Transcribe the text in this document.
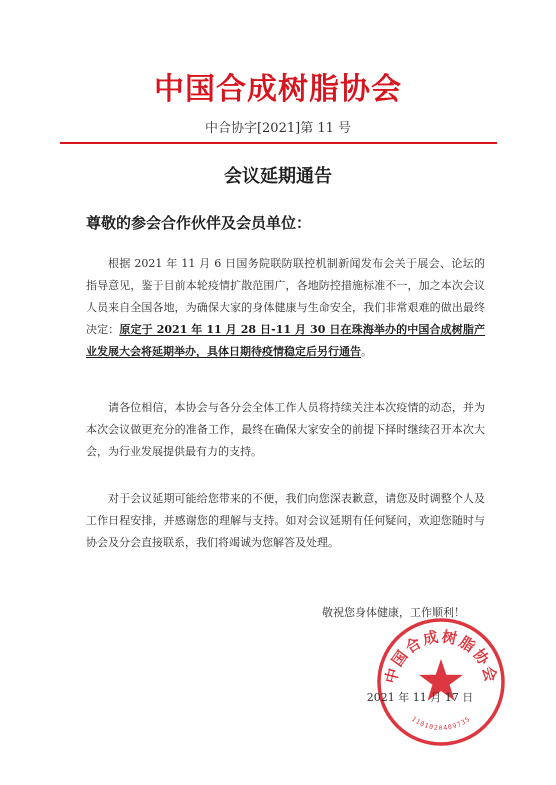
中国合成树脂协会
中合协字[2021]第 11 号
会议延期通告
尊敬的参会合作伙伴及会员单位：
根据 2021 年 11 月 6 日国务院联防联控机制新闻发布会关于展会、论坛的指导意见，鉴于目前本轮疫情扩散范围广，各地防控措施标准不一，加之本次会议人员来自全国各地，为确保大家的身体健康与生命安全，我们非常艰难的做出最终决定：原定于 2021 年 11 月 28 日-11 月 30 日在珠海举办的中国合成树脂产业发展大会将延期举办，具体日期待疫情稳定后另行通告。
请各位相信，本协会与各分会全体工作人员将持续关注本次疫情的动态，并为本次会议做更充分的准备工作，最终在确保大家安全的前提下择时继续召开本次大会，为行业发展提供最有力的支持。
对于会议延期可能给您带来的不便，我们向您深表歉意，请您及时调整个人及工作日程安排，并感谢您的理解与支持。如对会议延期有任何疑问，欢迎您随时与协会及分会直接联系，我们将竭诚为您解答及处理。
敬祝您身体健康，工作顺利！
中国合成树脂协会
1101020409735
2021 年 11 月 17 日
